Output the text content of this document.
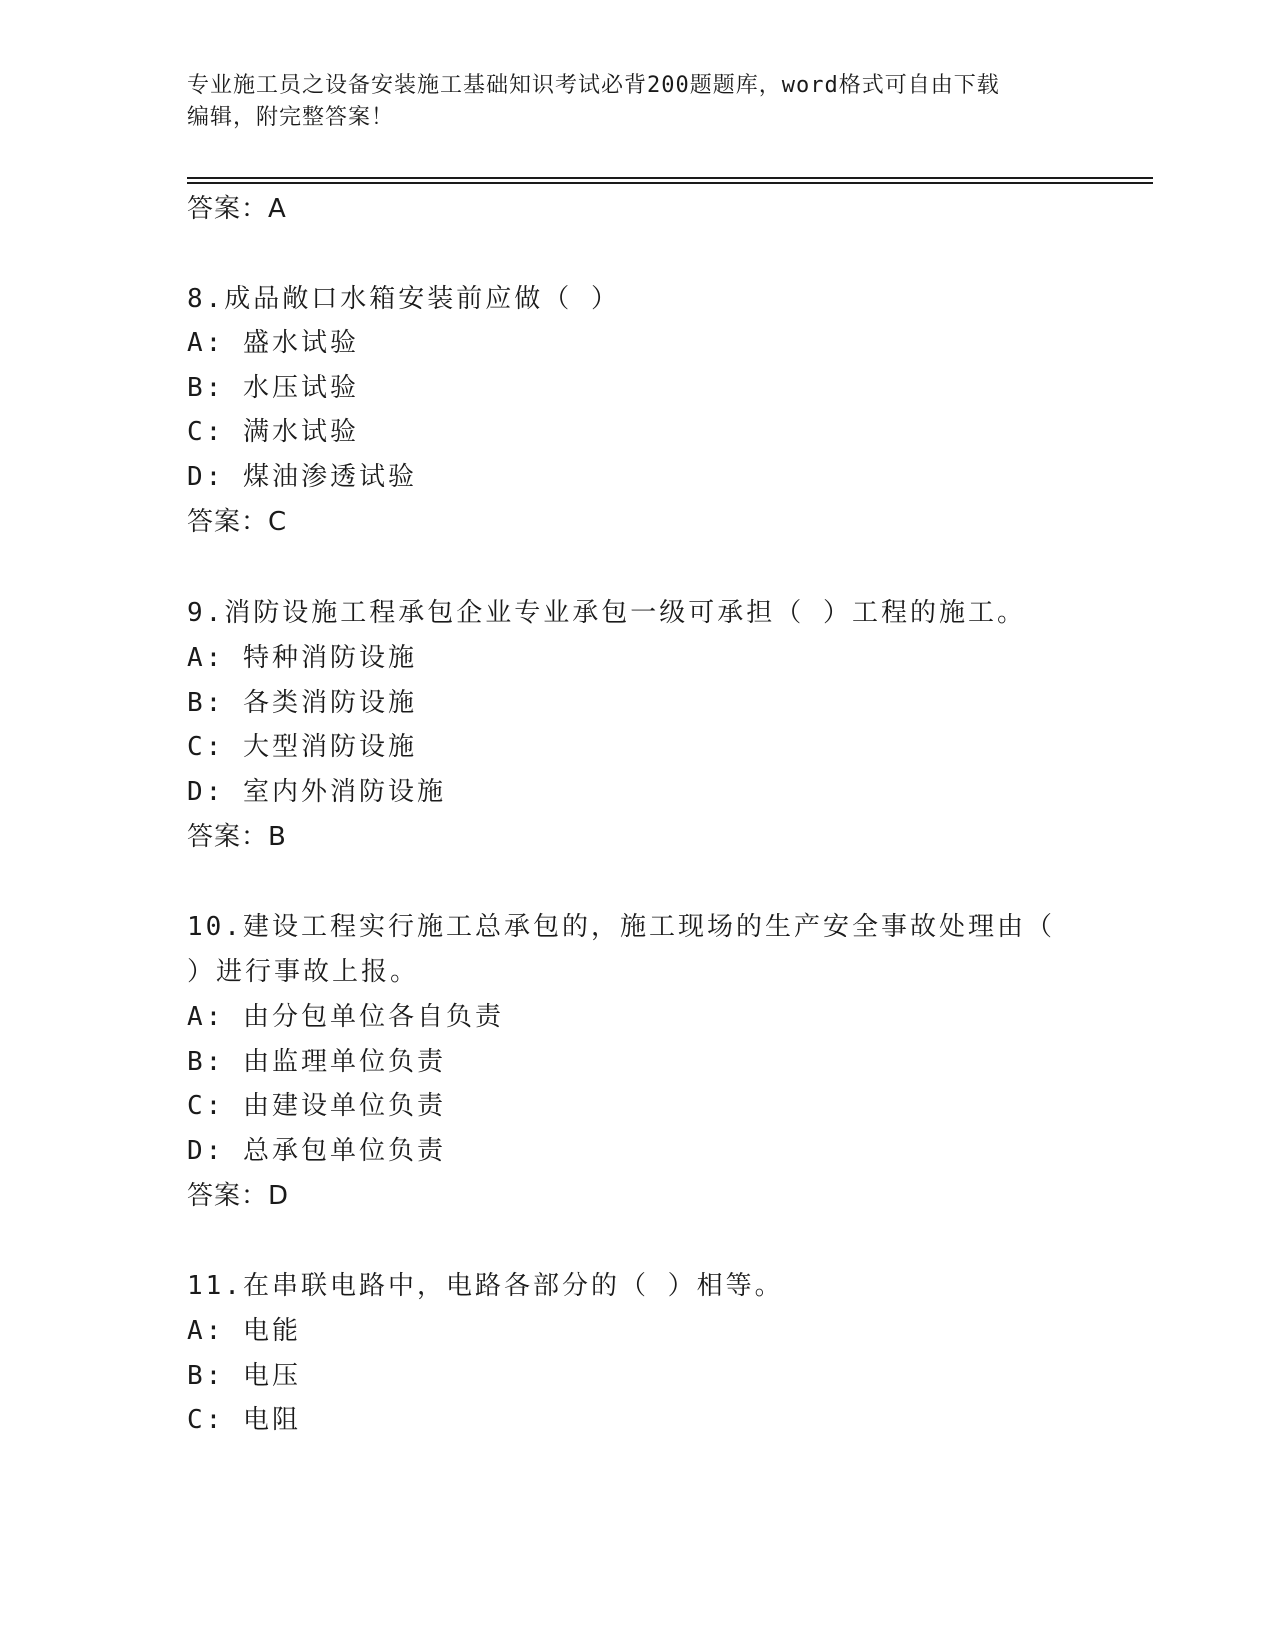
专业施工员之设备安装施工基础知识考试必背200题题库，word格式可自由下载
编辑，附完整答案！
答案：A
8.成品敞口水箱安装前应做（ ）
A: 盛水试验
B: 水压试验
C: 满水试验
D: 煤油渗透试验
答案：C
9.消防设施工程承包企业专业承包一级可承担（ ）工程的施工。
A: 特种消防设施
B: 各类消防设施
C: 大型消防设施
D: 室内外消防设施
答案：B
10.建设工程实行施工总承包的，施工现场的生产安全事故处理由（
）进行事故上报。
A: 由分包单位各自负责
B: 由监理单位负责
C: 由建设单位负责
D: 总承包单位负责
答案：D
11.在串联电路中，电路各部分的（ ）相等。
A: 电能
B: 电压
C: 电阻
